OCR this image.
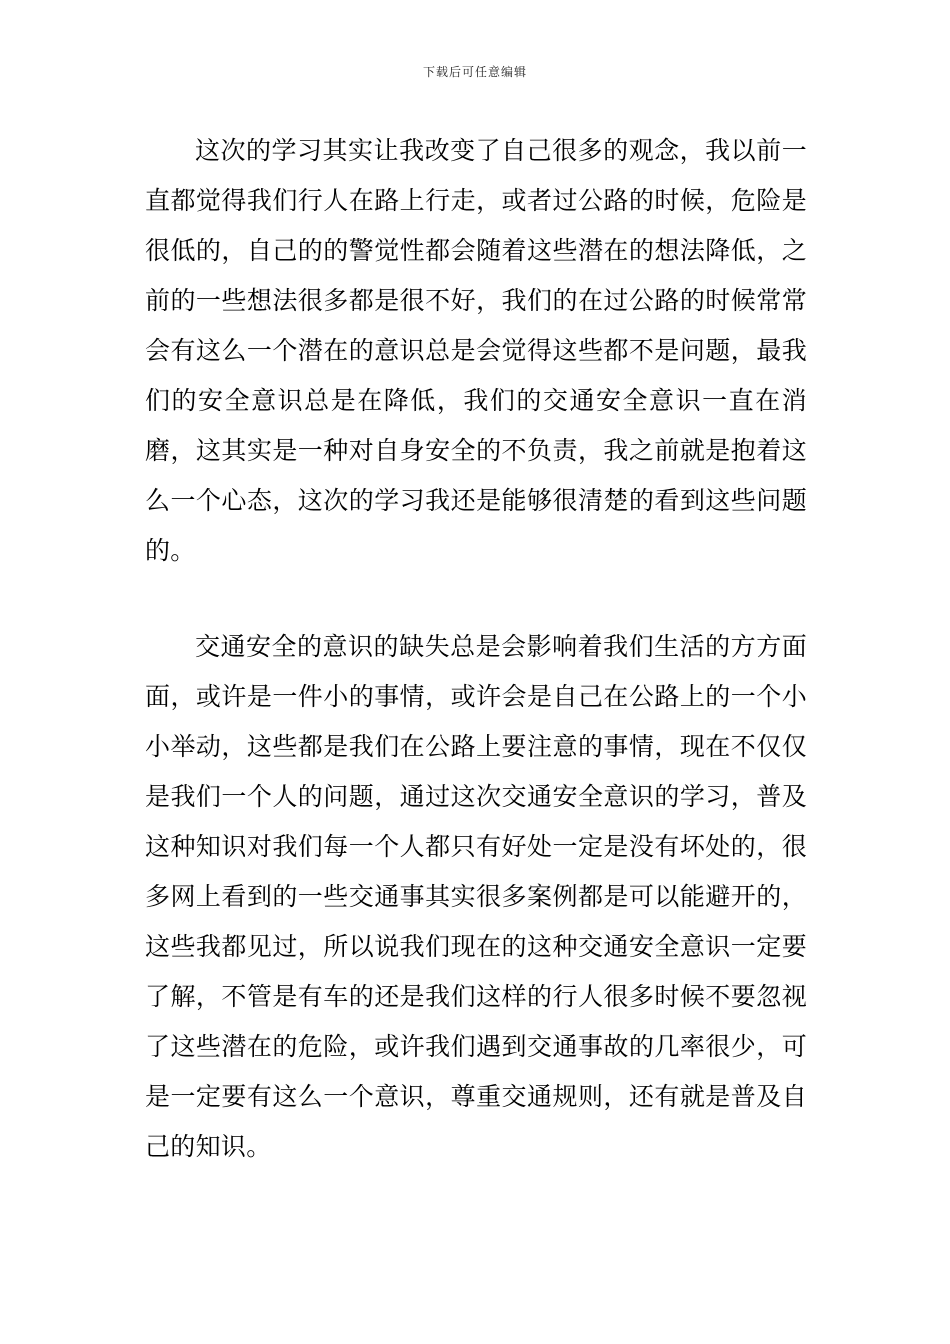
下载后可任意编辑

这次的学习其实让我改变了自己很多的观念，我以前一直都觉得我们行人在路上行走，或者过公路的时候，危险是很低的，自己的的警觉性都会随着这些潜在的想法降低，之前的一些想法很多都是很不好，我们的在过公路的时候常常会有这么一个潜在的意识总是会觉得这些都不是问题，最我们的安全意识总是在降低，我们的交通安全意识一直在消磨，这其实是一种对自身安全的不负责，我之前就是抱着这么一个心态，这次的学习我还是能够很清楚的看到这些问题的。

交通安全的意识的缺失总是会影响着我们生活的方方面面，或许是一件小的事情，或许会是自己在公路上的一个小小举动，这些都是我们在公路上要注意的事情，现在不仅仅是我们一个人的问题，通过这次交通安全意识的学习，普及这种知识对我们每一个人都只有好处一定是没有坏处的，很多网上看到的一些交通事其实很多案例都是可以能避开的，这些我都见过，所以说我们现在的这种交通安全意识一定要了解，不管是有车的还是我们这样的行人很多时候不要忽视了这些潜在的危险，或许我们遇到交通事故的几率很少，可是一定要有这么一个意识，尊重交通规则，还有就是普及自己的知识。
